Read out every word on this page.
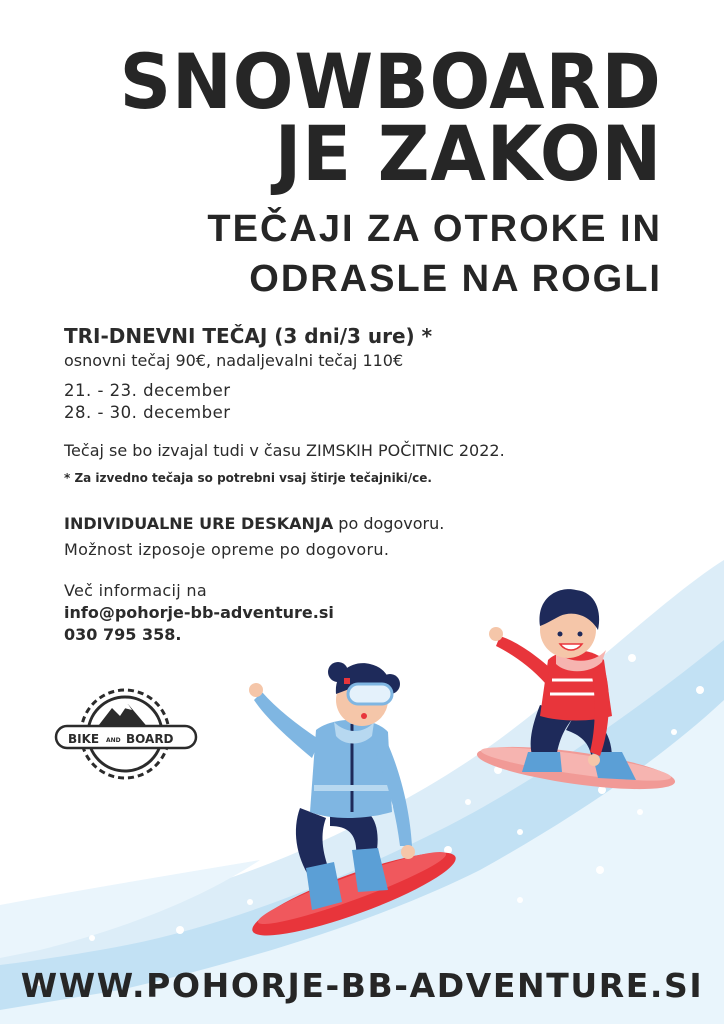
SNOWBOARD
JE ZAKON
TEČAJI ZA OTROKE IN
ODRASLE NA ROGLI
TRI-DNEVNI TEČAJ (3 dni/3 ure) *
osnovni tečaj 90€, nadaljevalni tečaj 110€
21. - 23. december
28. - 30. december
Tečaj se bo izvajal tudi v času ZIMSKIH POČITNIC 2022.
* Za izvedno tečaja so potrebni vsaj štirje tečajniki/ce.
INDIVIDUALNE URE DESKANJA po dogovoru.
Možnost izposoje opreme po dogovoru.
Več informacij na
info@pohorje-bb-adventure.si
030 795 358.
BIKE AND BOARD
WWW.POHORJE-BB-ADVENTURE.SI
